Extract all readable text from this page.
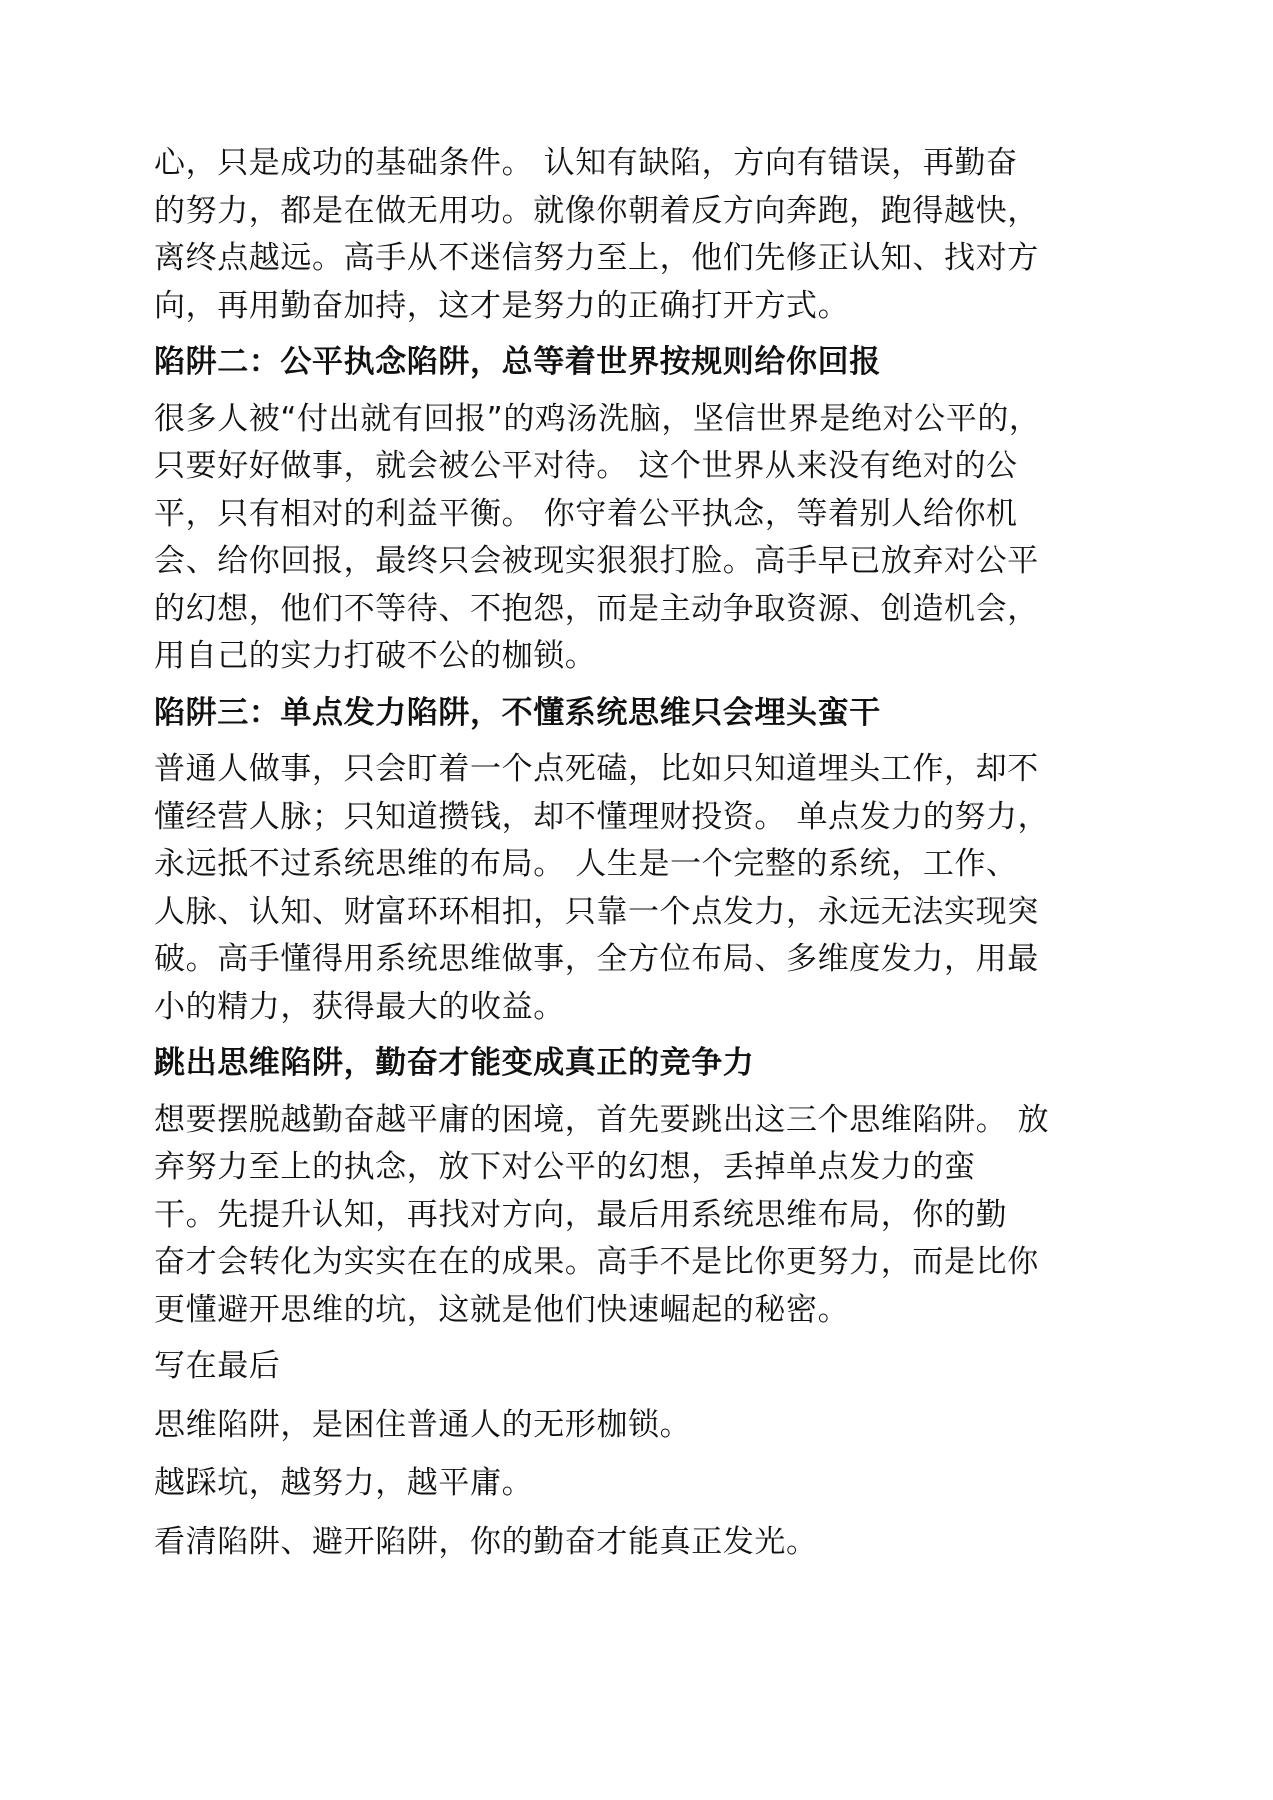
心，只是成功的基础条件。 认知有缺陷，方向有错误，再勤奋
的努力，都是在做无用功。就像你朝着反方向奔跑，跑得越快，
离终点越远。高手从不迷信努力至上，他们先修正认知、找对方
向，再用勤奋加持，这才是努力的正确打开方式。
陷阱二：公平执念陷阱，总等着世界按规则给你回报
很多人被“付出就有回报”的鸡汤洗脑，坚信世界是绝对公平的，
只要好好做事，就会被公平对待。 这个世界从来没有绝对的公
平，只有相对的利益平衡。 你守着公平执念，等着别人给你机
会、给你回报，最终只会被现实狠狠打脸。高手早已放弃对公平
的幻想，他们不等待、不抱怨，而是主动争取资源、创造机会，
用自己的实力打破不公的枷锁。
陷阱三：单点发力陷阱，不懂系统思维只会埋头蛮干
普通人做事，只会盯着一个点死磕，比如只知道埋头工作，却不
懂经营人脉；只知道攒钱，却不懂理财投资。 单点发力的努力，
永远抵不过系统思维的布局。 人生是一个完整的系统，工作、
人脉、认知、财富环环相扣，只靠一个点发力，永远无法实现突
破。高手懂得用系统思维做事，全方位布局、多维度发力，用最
小的精力，获得最大的收益。
跳出思维陷阱，勤奋才能变成真正的竞争力
想要摆脱越勤奋越平庸的困境，首先要跳出这三个思维陷阱。 放
弃努力至上的执念，放下对公平的幻想，丢掉单点发力的蛮
干。先提升认知，再找对方向，最后用系统思维布局，你的勤
奋才会转化为实实在在的成果。高手不是比你更努力，而是比你
更懂避开思维的坑，这就是他们快速崛起的秘密。
写在最后
思维陷阱，是困住普通人的无形枷锁。
越踩坑，越努力，越平庸。
看清陷阱、避开陷阱，你的勤奋才能真正发光。
